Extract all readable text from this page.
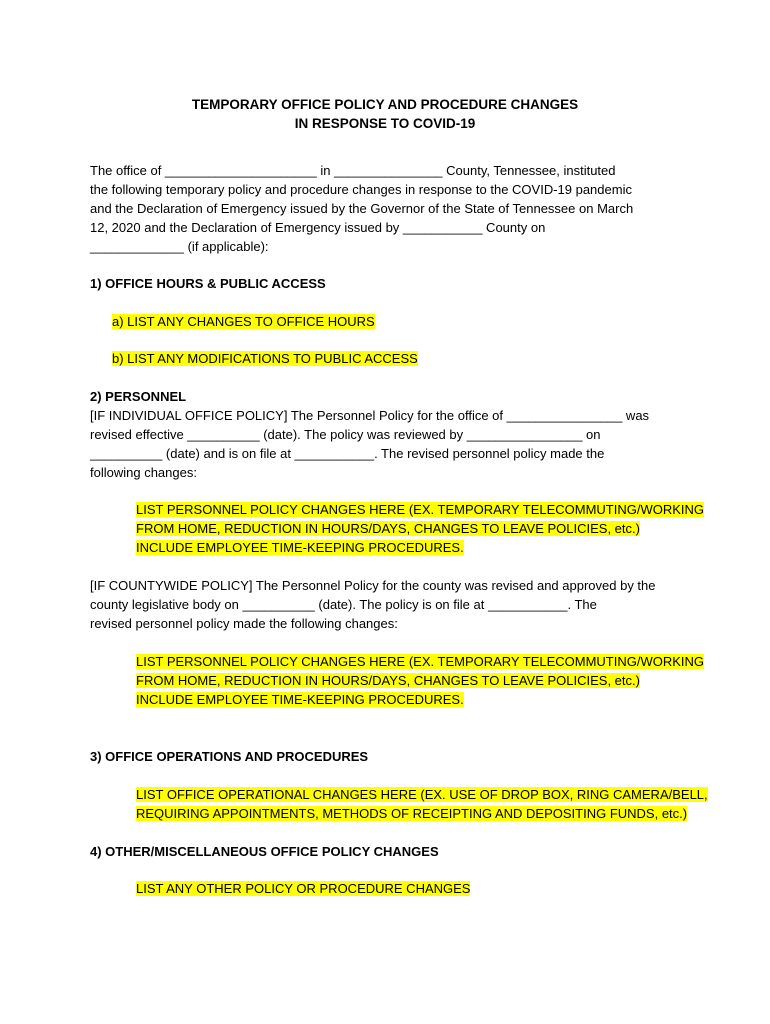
TEMPORARY OFFICE POLICY AND PROCEDURE CHANGES
IN RESPONSE TO COVID-19
The office of _____________________ in _______________ County, Tennessee, instituted
the following temporary policy and procedure changes in response to the COVID-19 pandemic
and the Declaration of Emergency issued by the Governor of the State of Tennessee on March
12, 2020 and the Declaration of Emergency issued by ___________ County on
_____________ (if applicable):
1) OFFICE HOURS & PUBLIC ACCESS
a) LIST ANY CHANGES TO OFFICE HOURS
b) LIST ANY MODIFICATIONS TO PUBLIC ACCESS
2) PERSONNEL
[IF INDIVIDUAL OFFICE POLICY] The Personnel Policy for the office of ________________ was
revised effective __________ (date). The policy was reviewed by ________________ on
__________ (date) and is on file at ___________. The revised personnel policy made the
following changes:
LIST PERSONNEL POLICY CHANGES HERE (EX. TEMPORARY TELECOMMUTING/WORKING
FROM HOME, REDUCTION IN HOURS/DAYS, CHANGES TO LEAVE POLICIES, etc.)
INCLUDE EMPLOYEE TIME-KEEPING PROCEDURES.
[IF COUNTYWIDE POLICY] The Personnel Policy for the county was revised and approved by the
county legislative body on __________ (date). The policy is on file at ___________. The
revised personnel policy made the following changes:
LIST PERSONNEL POLICY CHANGES HERE (EX. TEMPORARY TELECOMMUTING/WORKING
FROM HOME, REDUCTION IN HOURS/DAYS, CHANGES TO LEAVE POLICIES, etc.)
INCLUDE EMPLOYEE TIME-KEEPING PROCEDURES.
3) OFFICE OPERATIONS AND PROCEDURES
LIST OFFICE OPERATIONAL CHANGES HERE (EX. USE OF DROP BOX, RING CAMERA/BELL,
REQUIRING APPOINTMENTS, METHODS OF RECEIPTING AND DEPOSITING FUNDS, etc.)
4) OTHER/MISCELLANEOUS OFFICE POLICY CHANGES
LIST ANY OTHER POLICY OR PROCEDURE CHANGES
